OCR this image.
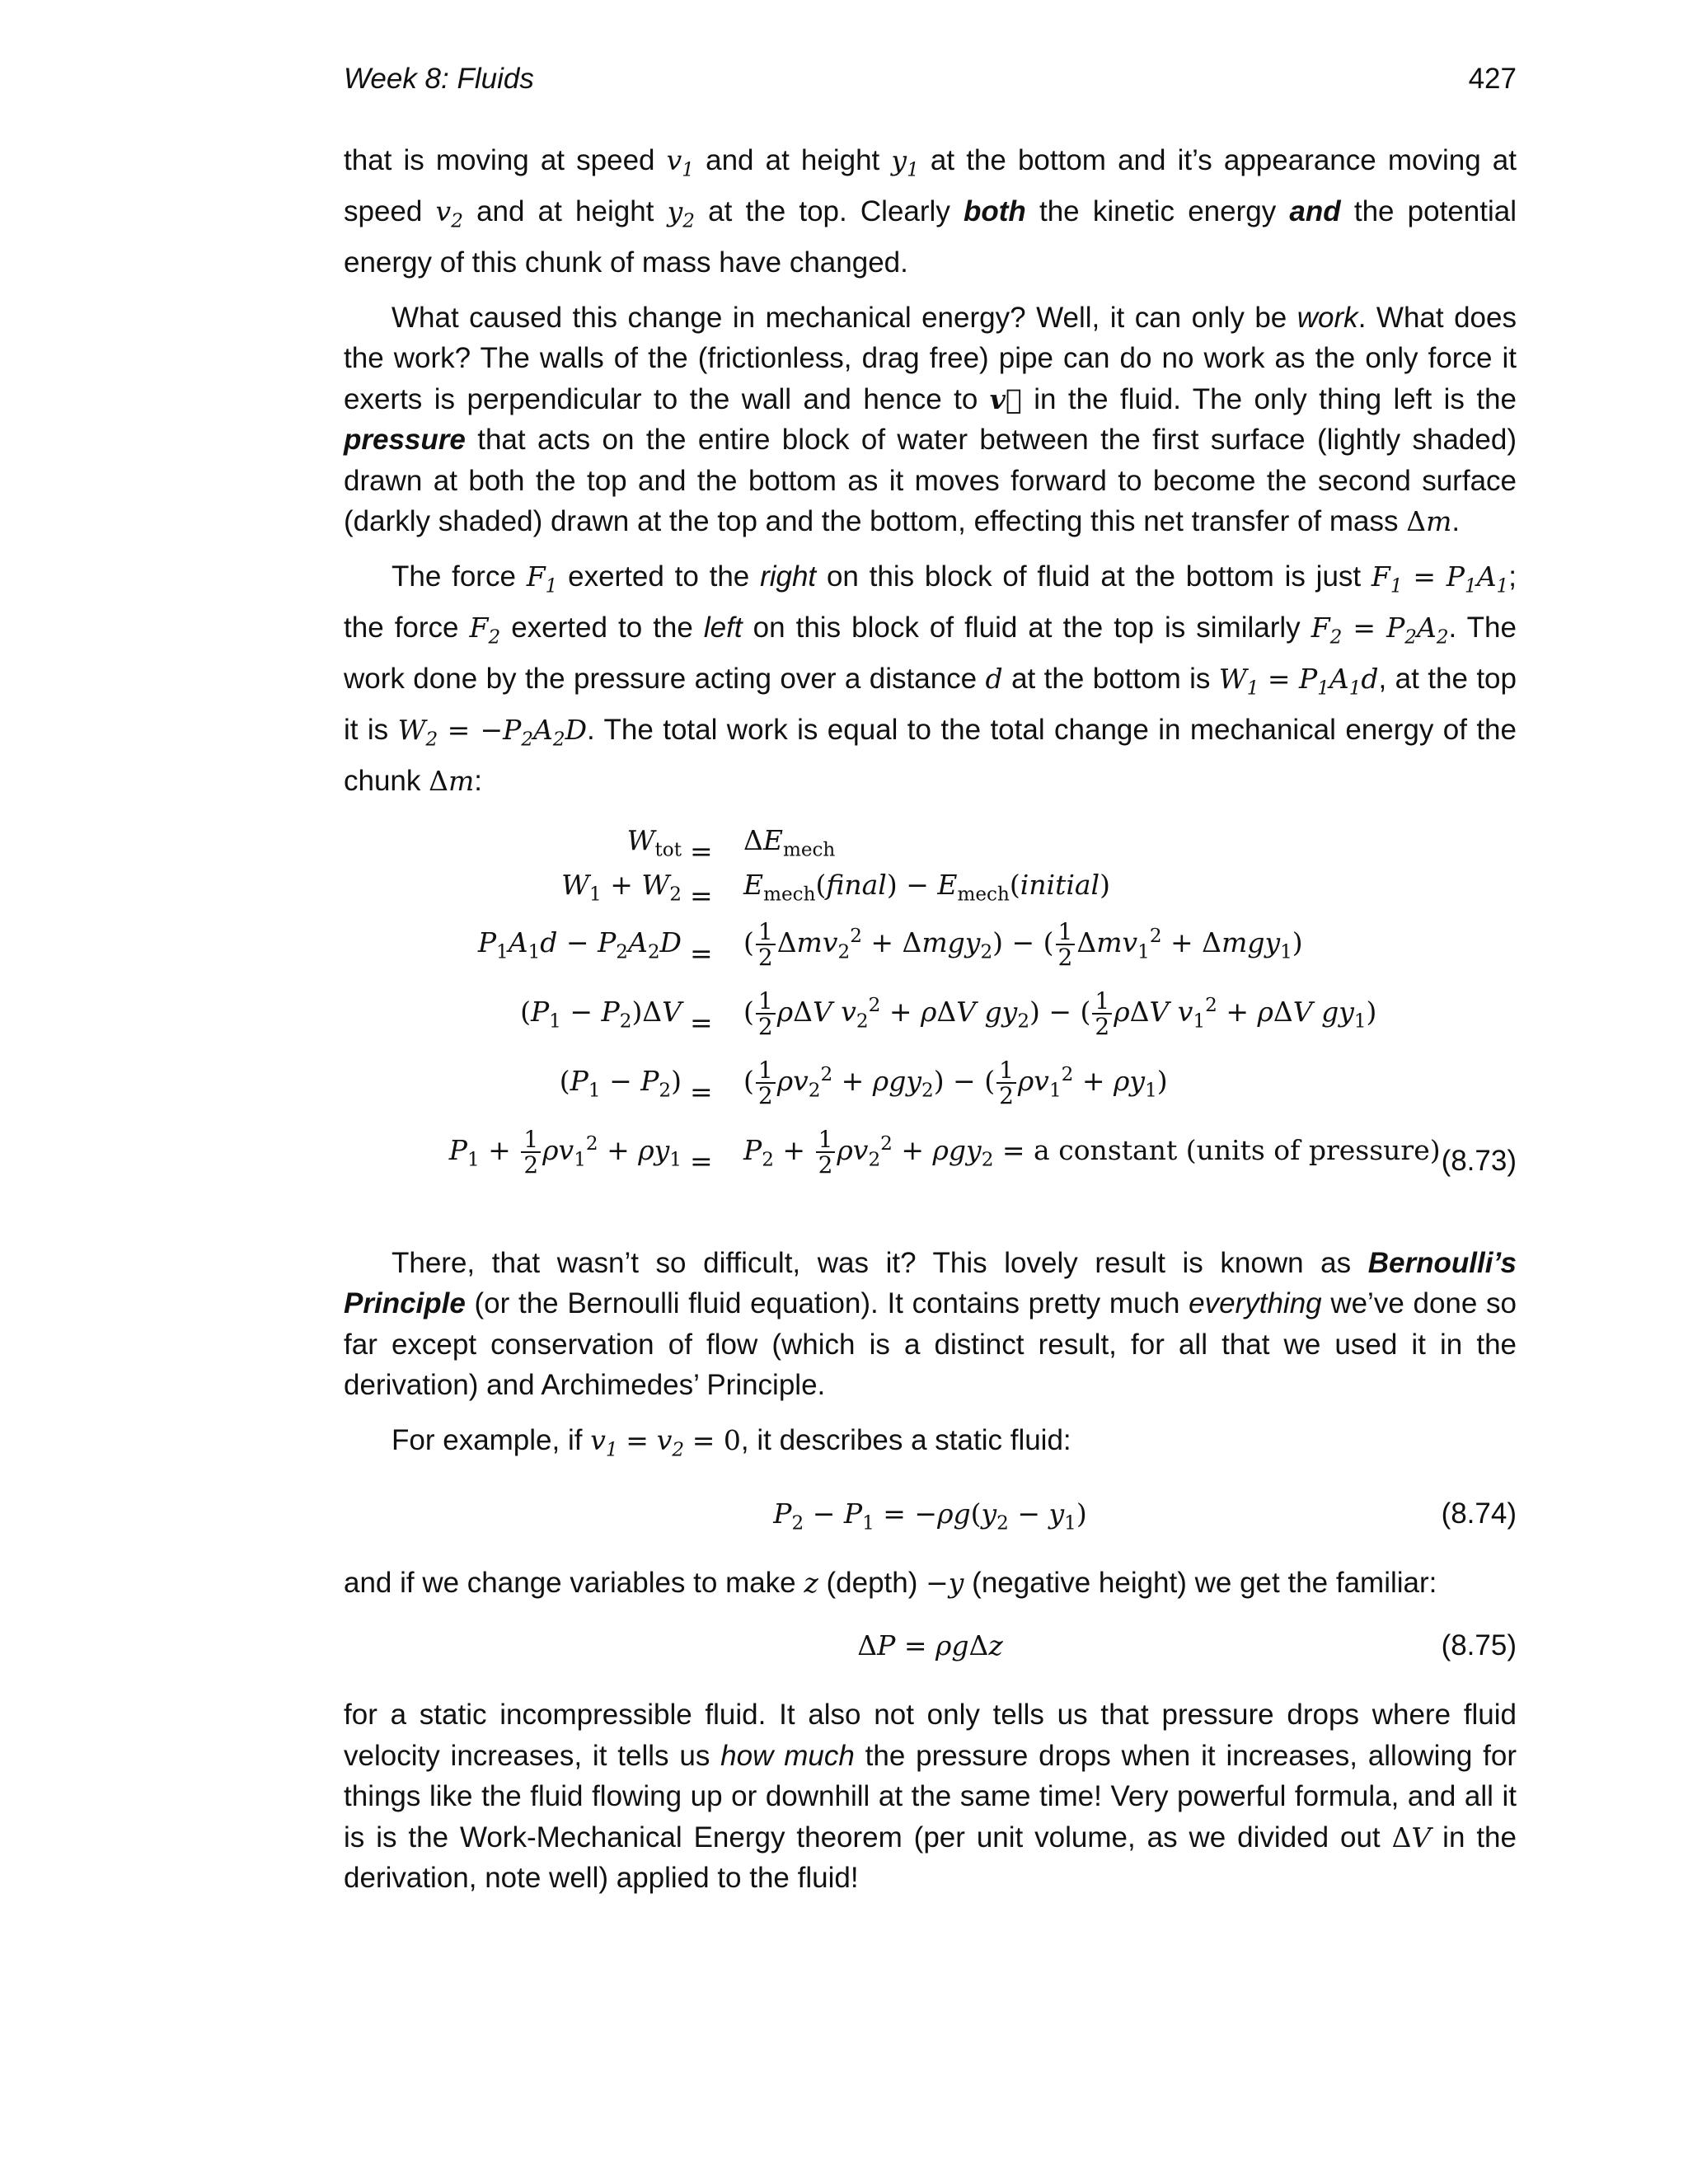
Week 8: Fluids	427

that is moving at speed $v_1$ and at height $y_1$ at the bottom and it’s appearance moving at speed $v_2$ and at height $y_2$ at the top. Clearly both the kinetic energy and the potential energy of this chunk of mass have changed.

What caused this change in mechanical energy? Well, it can only be work. What does the work? The walls of the (frictionless, drag free) pipe can do no work as the only force it exerts is perpendicular to the wall and hence to v⃗ in the fluid. The only thing left is the pressure that acts on the entire block of water between the first surface (lightly shaded) drawn at both the top and the bottom as it moves forward to become the second surface (darkly shaded) drawn at the top and the bottom, effecting this net transfer of mass Δm.

The force $F_1$ exerted to the right on this block of fluid at the bottom is just $F_1 = P_1A_1$; the force $F_2$ exerted to the left on this block of fluid at the top is similarly $F_2 = P_2A_2$. The work done by the pressure acting over a distance d at the bottom is $W_1 = P_1A_1d$, at the top it is $W_2 = -P_2A_2D$. The total work is equal to the total change in mechanical energy of the chunk Δm:

$W_{tot} = \Delta E_{mech}$
$W_1 + W_2$ = $E_{mech}(final)$ − $E_{mech}(initial)$
$P_1A_1d - P_2A_2D$ = ( $\frac{1}{2} \Delta mv_2^2 + \Delta mgy_2$) − ( $\frac{1}{2} \Delta mv_1^2 + \Delta mgy_1$)
$(P_1 - P_2)\Delta V$ = ( $\frac{1}{2}$ ρΔV $v_2^2 + \rho\Delta V$ $gy_2$) − ( $\frac{1}{2}$ ρΔV $v_1^2 + \rho\Delta V$ $gy_1$)
$(P_1 - P_2)$ = ( $\frac{1}{2} \rho v_2^2 + \rho gy_2$) − ( $\frac{1}{2} \rho v_1^2 + \rho y_1$)
$P_1 + \frac{1}{2} \rho v_1^2 + \rho y_1 = P_2 + \frac{1}{2} \rho v_2^2 + \rho gy_2 = a$ constant (units of pressure) (8.73)

There, that wasn’t so difficult, was it? This lovely result is known as Bernoulli’s Principle (or the Bernoulli fluid equation). It contains pretty much everything we’ve done so far except conservation of flow (which is a distinct result, for all that we used it in the derivation) and Archimedes’ Principle.

For example, if $v_1 = v_2 = 0$, it describes a static fluid:

$P_2 - P_1 = -\rho g(y_2 - y_1)$	(8.74)

and if we change variables to make z (depth) −y (negative height) we get the familiar:

ΔP = ρgΔz	(8.75)

for a static incompressible fluid. It also not only tells us that pressure drops where fluid velocity increases, it tells us how much the pressure drops when it increases, allowing for things like the fluid flowing up or downhill at the same time! Very powerful formula, and all it is is the Work-Mechanical Energy theorem (per unit volume, as we divided out ΔV in the derivation, note well) applied to the fluid!
